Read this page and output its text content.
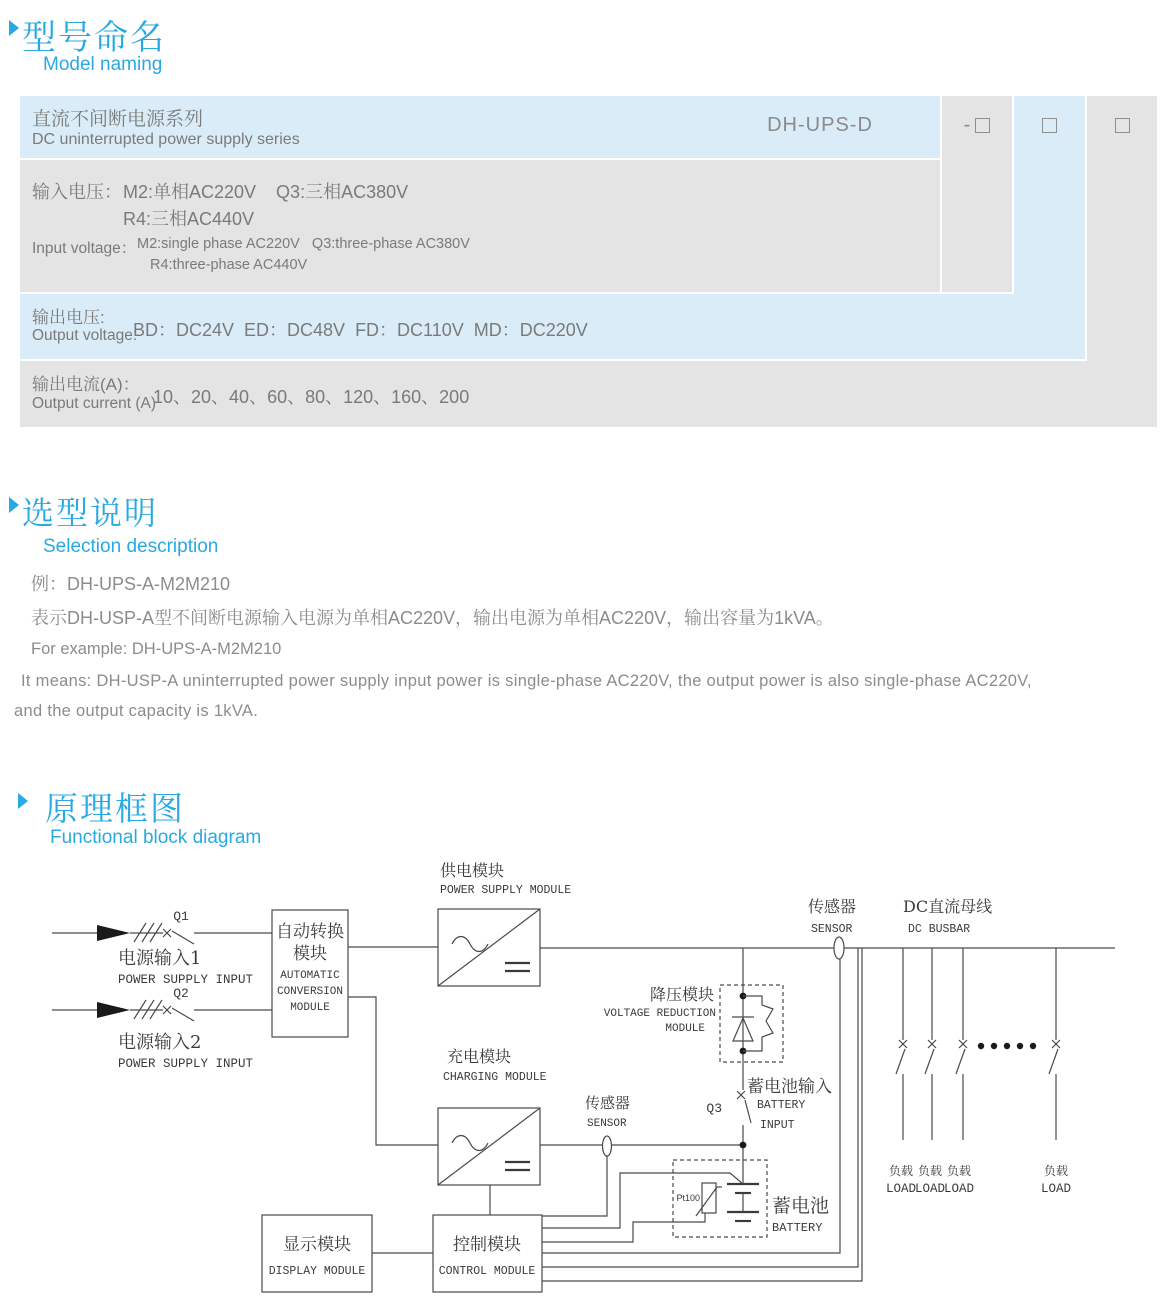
型号命名
Model naming
直流不间断电源系列
DC uninterrupted power supply series
DH-UPS-D	-
输入电压： M2:单相AC220V    Q3:三相AC380V
R4:三相AC440V
Input voltage： M2:single phase AC220V   Q3:three-phase AC380V
R4:three-phase AC440V
输出电压:
Output voltage:
BD：DC24V  ED：DC48V  FD：DC110V  MD：DC220V
输出电流(A)：
Output current (A)
10、20、40、60、80、120、160、200
选型说明
Selection description
例：DH-UPS-A-M2M210
表示DH-USP-A型不间断电源输入电源为单相AC220V，输出电源为单相AC220V，输出容量为1kVA。
For example: DH-UPS-A-M2M210
It means: DH-USP-A uninterrupted power supply input power is single-phase AC220V, the output power is also single-phase AC220V,
and the output capacity is 1kVA.
原理框图
Functional block diagram
Q1
电源输入1
POWER SUPPLY INPUT
Q2
电源输入2
POWER SUPPLY INPUT
自动转换
模块
AUTOMATIC
CONVERSION
MODULE
供电模块
POWER SUPPLY MODULE
传感器
SENSOR
DC直流母线
DC BUSBAR
降压模块
VOLTAGE REDUCTION
MODULE
Q3
蓄电池输入
BATTERY
INPUT
充电模块
CHARGING MODULE
传感器
SENSOR
Pt100	蓄电池
BATTERY
显示模块
DISPLAY MODULE
控制模块
CONTROL MODULE
负载 负载 负载	负载
LOAD
LOAD
LOAD	LOAD
